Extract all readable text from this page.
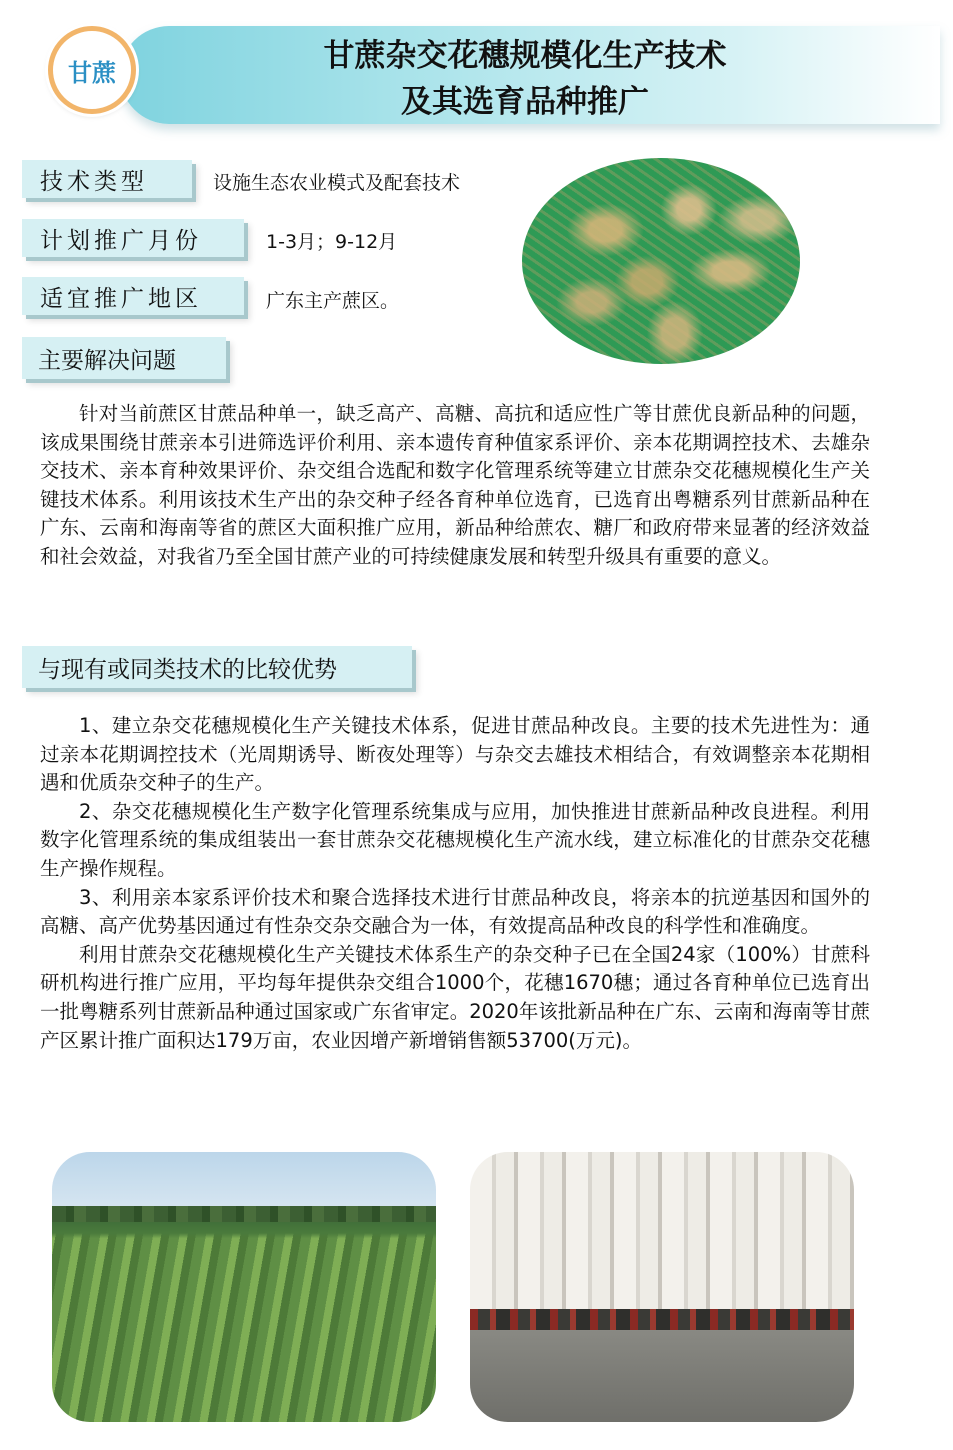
甘蔗	甘蔗杂交花穗规模化生产技术
及其选育品种推广
技术类型	设施生态农业模式及配套技术
计划推广月份	1-3月；9-12月
适宜推广地区	广东主产蔗区。
主要解决问题

针对当前蔗区甘蔗品种单一，缺乏高产、高糖、高抗和适应性广等甘蔗优良新品种的问题，该成果围绕甘蔗亲本引进筛选评价利用、亲本遗传育种值家系评价、亲本花期调控技术、去雄杂交技术、亲本育种效果评价、杂交组合选配和数字化管理系统等建立甘蔗杂交花穗规模化生产关键技术体系。利用该技术生产出的杂交种子经各育种单位选育，已选育出粤糖系列甘蔗新品种在广东、云南和海南等省的蔗区大面积推广应用，新品种给蔗农、糖厂和政府带来显著的经济效益和社会效益，对我省乃至全国甘蔗产业的可持续健康发展和转型升级具有重要的意义。

与现有或同类技术的比较优势

1、建立杂交花穗规模化生产关键技术体系，促进甘蔗品种改良。主要的技术先进性为：通过亲本花期调控技术（光周期诱导、断夜处理等）与杂交去雄技术相结合，有效调整亲本花期相遇和优质杂交种子的生产。

2、杂交花穗规模化生产数字化管理系统集成与应用，加快推进甘蔗新品种改良进程。利用数字化管理系统的集成组装出一套甘蔗杂交花穗规模化生产流水线，建立标准化的甘蔗杂交花穗生产操作规程。

3、利用亲本家系评价技术和聚合选择技术进行甘蔗品种改良，将亲本的抗逆基因和国外的高糖、高产优势基因通过有性杂交杂交融合为一体，有效提高品种改良的科学性和准确度。

利用甘蔗杂交花穗规模化生产关键技术体系生产的杂交种子已在全国24家（100%）甘蔗科研机构进行推广应用，平均每年提供杂交组合1000个，花穗1670穗；通过各育种单位已选育出一批粤糖系列甘蔗新品种通过国家或广东省审定。2020年该批新品种在广东、云南和海南等甘蔗产区累计推广面积达179万亩，农业因增产新增销售额53700(万元)。
